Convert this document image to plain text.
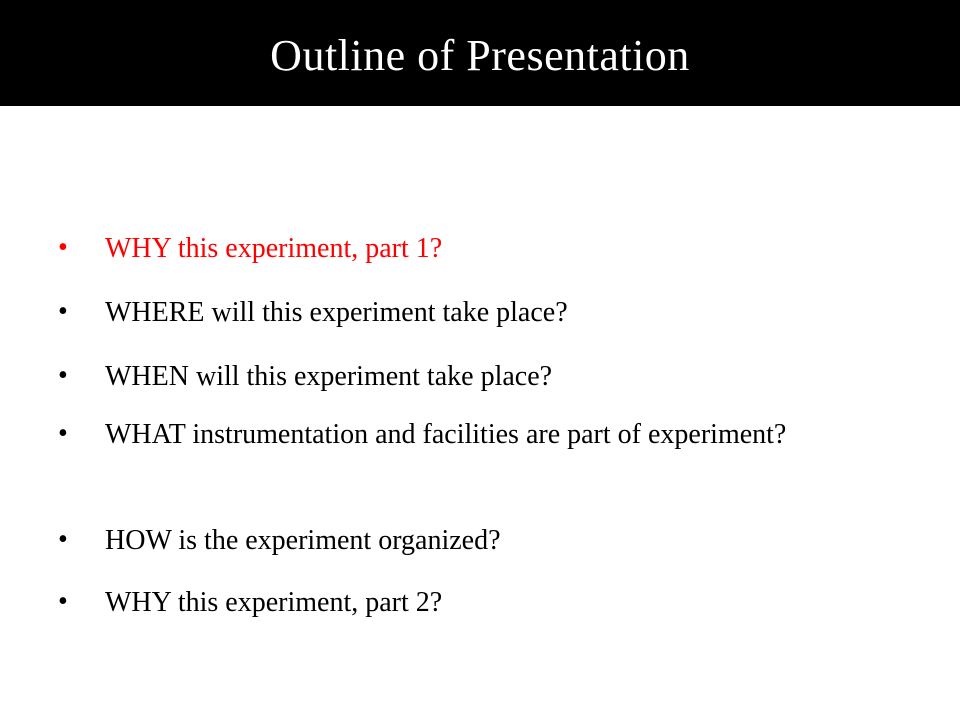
Outline of Presentation
• WHY this experiment, part 1?
• WHERE will this experiment take place?
• WHEN will this experiment take place?
• WHAT instrumentation and facilities are part of experiment?
• HOW is the experiment organized?
• WHY this experiment, part 2?
